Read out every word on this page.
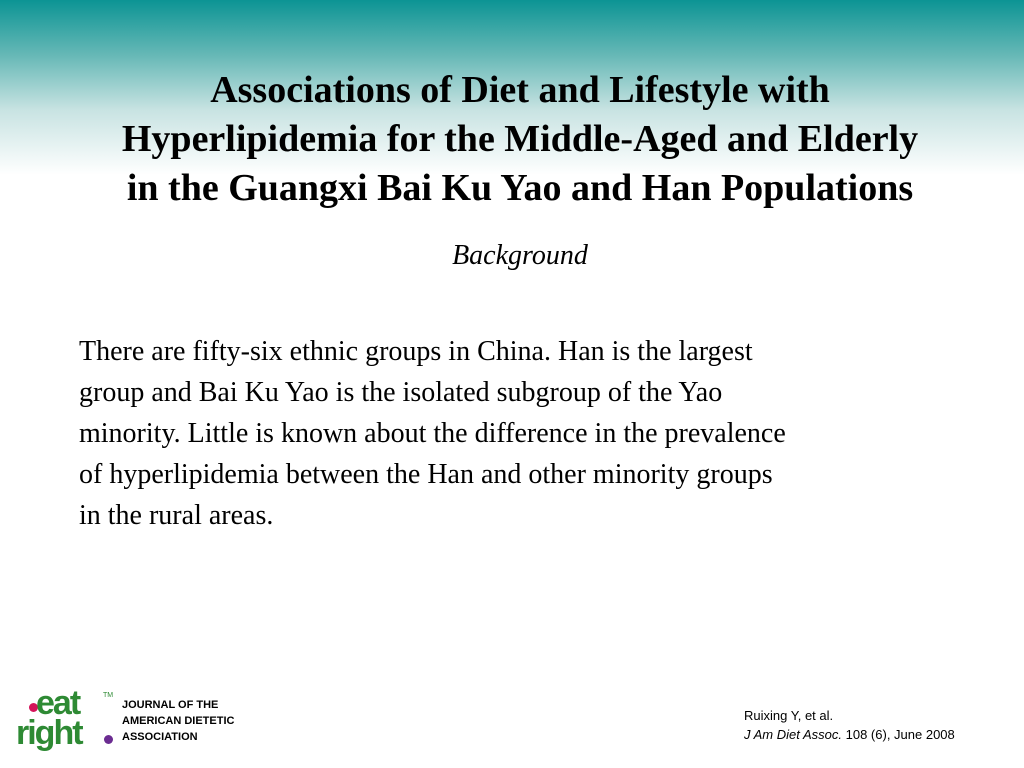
Associations of Diet and Lifestyle with
Hyperlipidemia for the Middle-Aged and Elderly
in the Guangxi Bai Ku Yao and Han Populations
Background

There are fifty-six ethnic groups in China. Han is the largest
group and Bai Ku Yao is the isolated subgroup of the Yao
minority. Little is known about the difference in the prevalence
of hyperlipidemia between the Han and other minority groups
in the rural areas.

eat	TM
right
JOURNAL OF THE
AMERICAN DIETETIC
ASSOCIATION
Ruixing Y, et al.
J Am Diet Assoc. 108 (6), June 2008
